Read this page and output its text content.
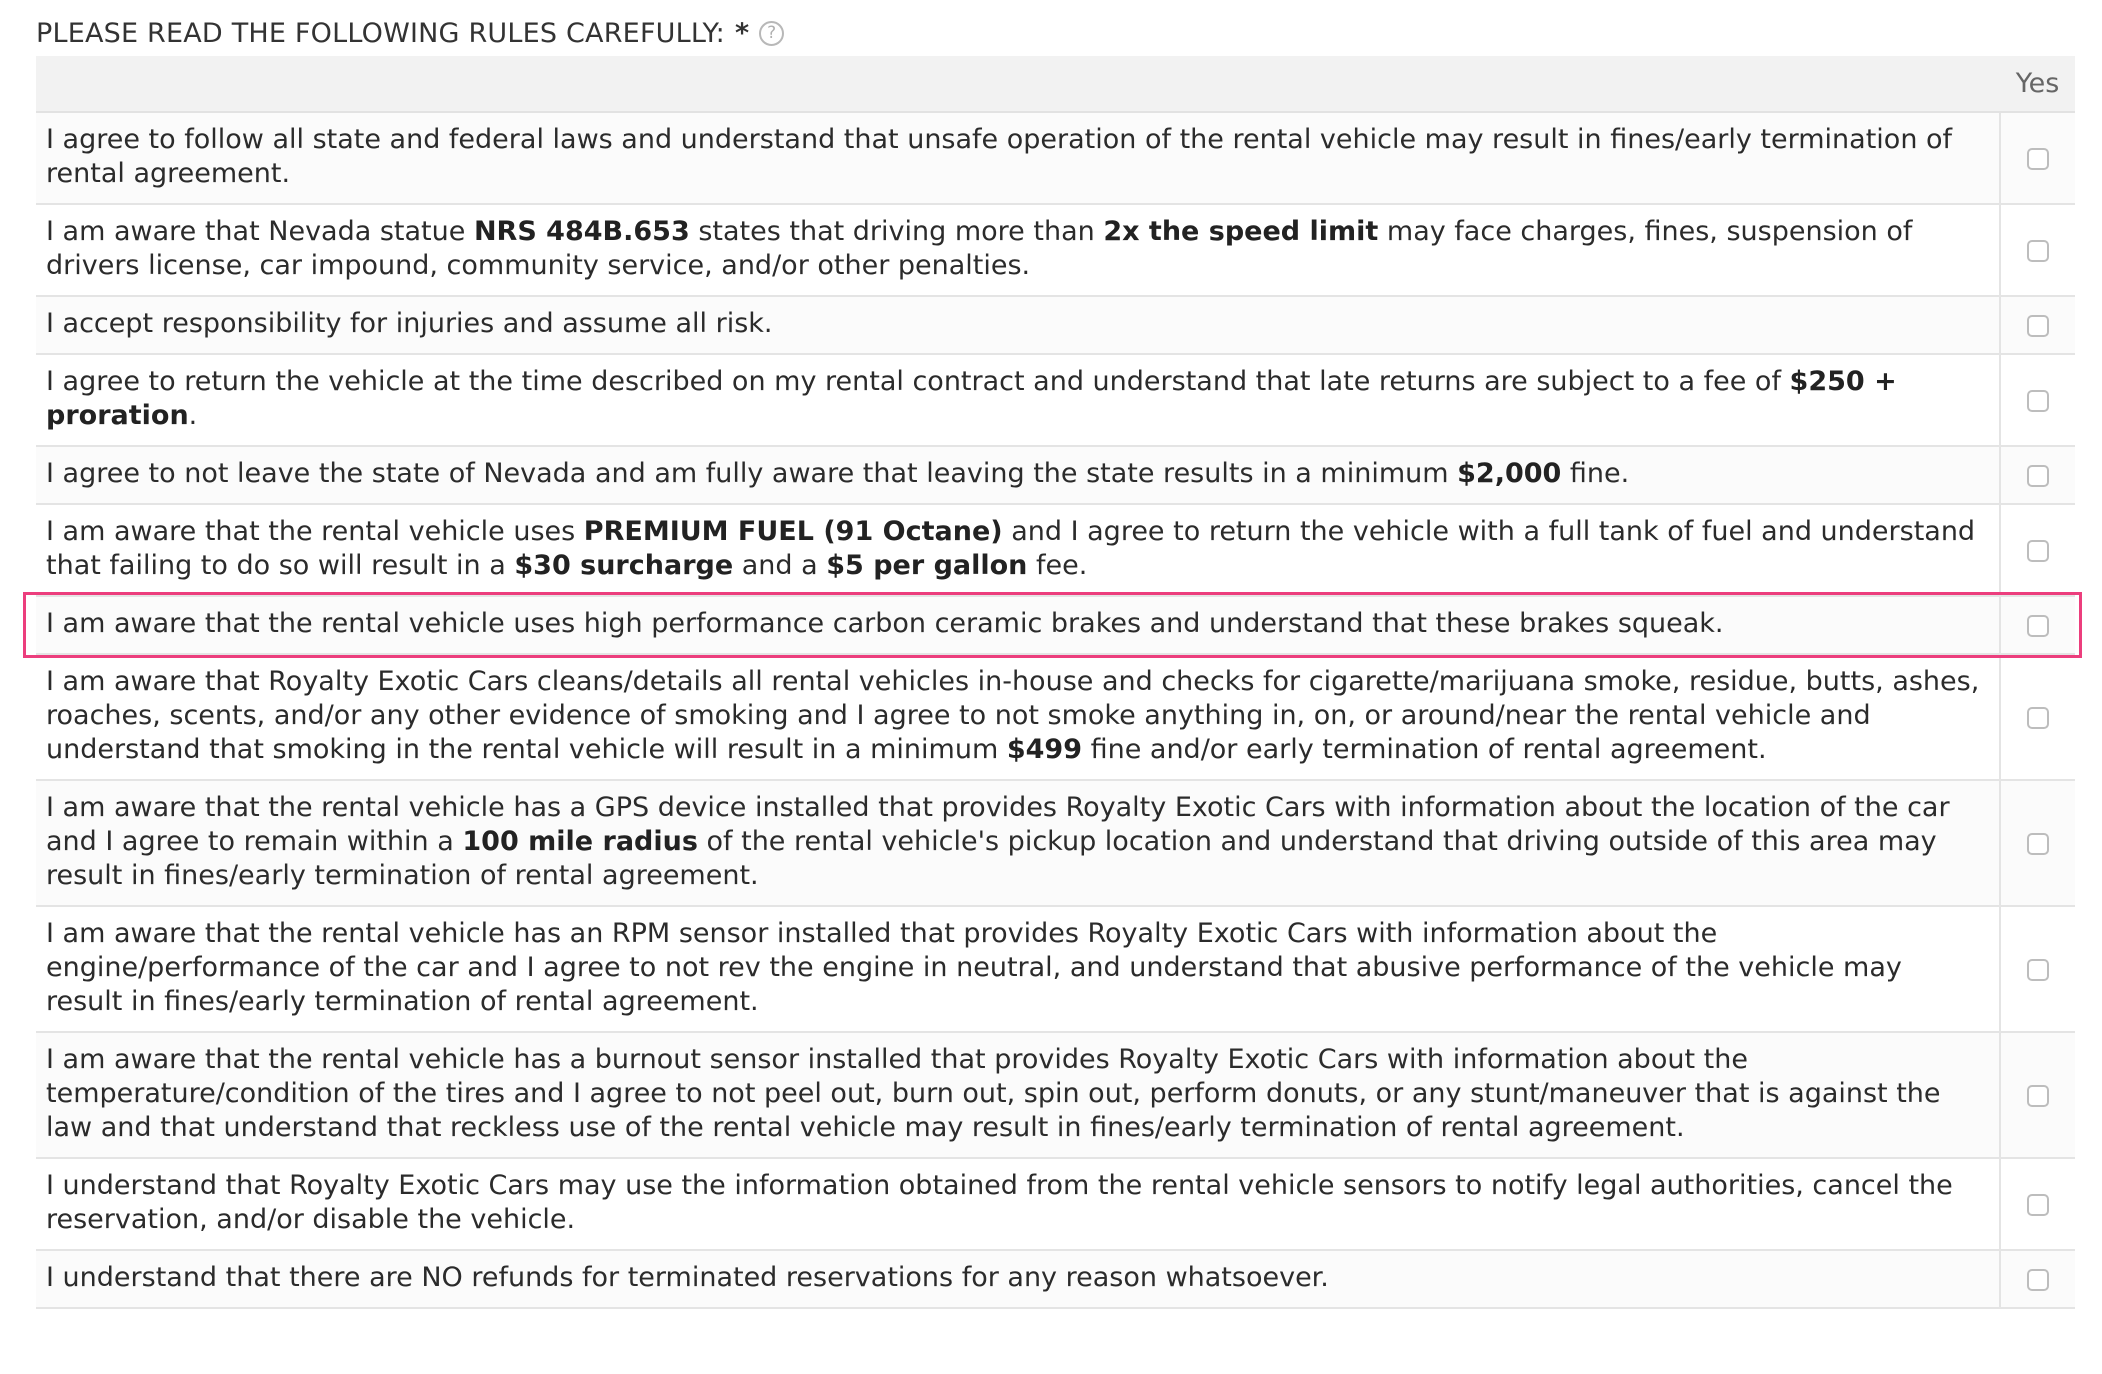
PLEASE READ THE FOLLOWING RULES CAREFULLY: *	?
	Yes
I agree to follow all state and federal laws and understand that unsafe operation of the rental vehicle may result in fines/early termination of rental agreement.	
I am aware that Nevada statue NRS 484B.653 states that driving more than 2x the speed limit may face charges, fines, suspension of drivers license, car impound, community service, and/or other penalties.	
I accept responsibility for injuries and assume all risk.	
I agree to return the vehicle at the time described on my rental contract and understand that late returns are subject to a fee of $250 + proration.	
I agree to not leave the state of Nevada and am fully aware that leaving the state results in a minimum $2,000 fine.	
I am aware that the rental vehicle uses PREMIUM FUEL (91 Octane) and I agree to return the vehicle with a full tank of fuel and understand that failing to do so will result in a $30 surcharge and a $5 per gallon fee.	
I am aware that the rental vehicle uses high performance carbon ceramic brakes and understand that these brakes squeak.	
I am aware that Royalty Exotic Cars cleans/details all rental vehicles in-house and checks for cigarette/marijuana smoke, residue, butts, ashes, roaches, scents, and/or any other evidence of smoking and I agree to not smoke anything in, on, or around/near the rental vehicle and understand that smoking in the rental vehicle will result in a minimum $499 fine and/or early termination of rental agreement.	
I am aware that the rental vehicle has a GPS device installed that provides Royalty Exotic Cars with information about the location of the car and I agree to remain within a 100 mile radius of the rental vehicle's pickup location and understand that driving outside of this area may result in fines/early termination of rental agreement.	
I am aware that the rental vehicle has an RPM sensor installed that provides Royalty Exotic Cars with information about the engine/performance of the car and I agree to not rev the engine in neutral, and understand that abusive performance of the vehicle may result in fines/early termination of rental agreement.	
I am aware that the rental vehicle has a burnout sensor installed that provides Royalty Exotic Cars with information about the temperature/condition of the tires and I agree to not peel out, burn out, spin out, perform donuts, or any stunt/maneuver that is against the law and that understand that reckless use of the rental vehicle may result in fines/early termination of rental agreement.	
I understand that Royalty Exotic Cars may use the information obtained from the rental vehicle sensors to notify legal authorities, cancel the reservation, and/or disable the vehicle.	
I understand that there are NO refunds for terminated reservations for any reason whatsoever.	
